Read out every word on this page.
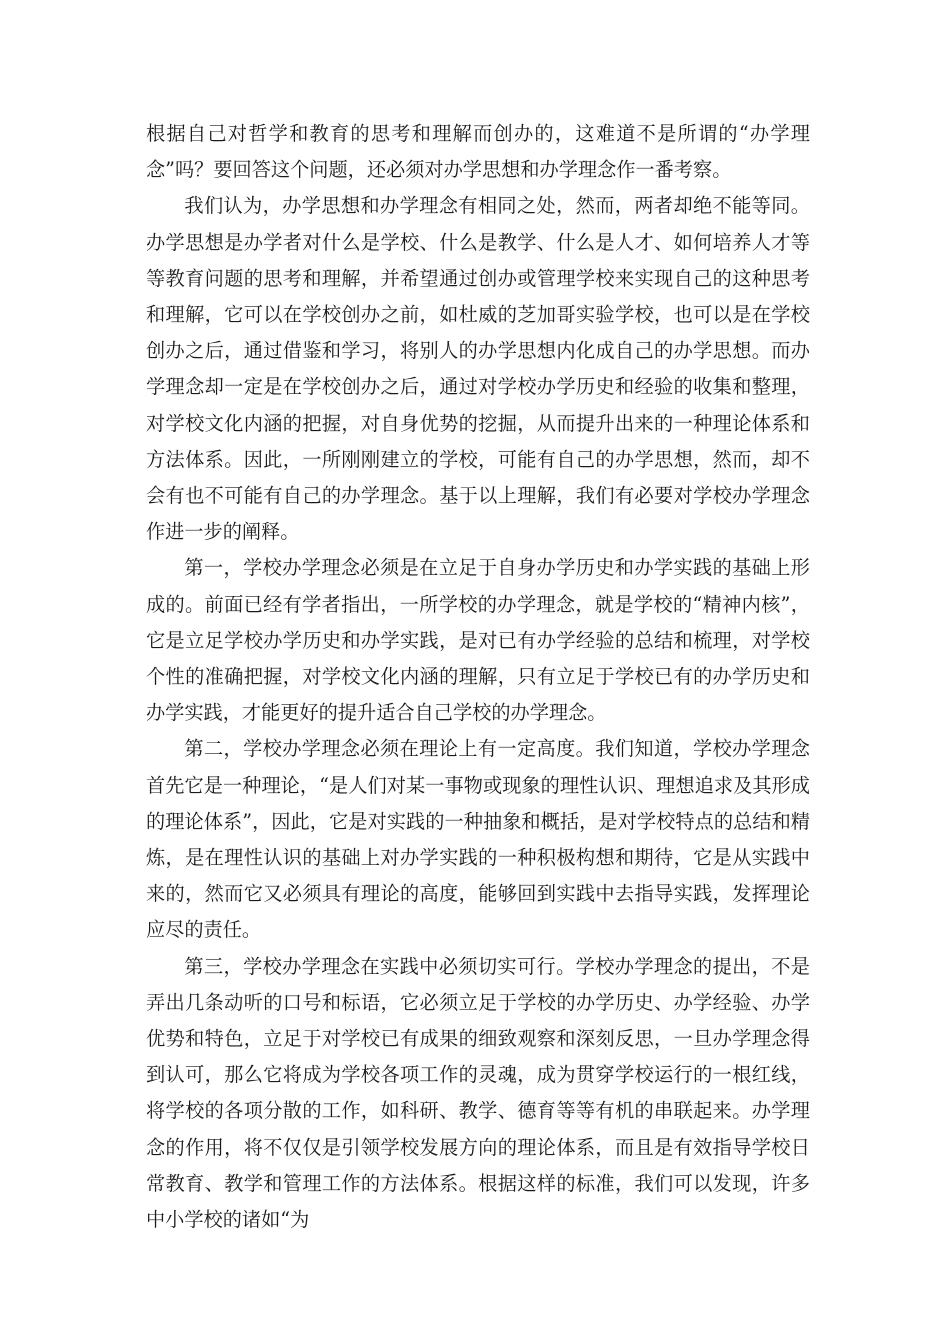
根据自己对哲学和教育的思考和理解而创办的，这难道不是所谓的“办学理念”吗？要回答这个问题，还必须对办学思想和办学理念作一番考察。

我们认为，办学思想和办学理念有相同之处，然而，两者却绝不能等同。办学思想是办学者对什么是学校、什么是教学、什么是人才、如何培养人才等等教育问题的思考和理解，并希望通过创办或管理学校来实现自己的这种思考和理解，它可以在学校创办之前，如杜威的芝加哥实验学校，也可以是在学校创办之后，通过借鉴和学习，将别人的办学思想内化成自己的办学思想。而办学理念却一定是在学校创办之后，通过对学校办学历史和经验的收集和整理，对学校文化内涵的把握，对自身优势的挖掘，从而提升出来的一种理论体系和方法体系。因此，一所刚刚建立的学校，可能有自己的办学思想，然而，却不会有也不可能有自己的办学理念。基于以上理解，我们有必要对学校办学理念作进一步的阐释。

第一，学校办学理念必须是在立足于自身办学历史和办学实践的基础上形成的。前面已经有学者指出，一所学校的办学理念，就是学校的“精神内核”，它是立足学校办学历史和办学实践，是对已有办学经验的总结和梳理，对学校个性的准确把握，对学校文化内涵的理解，只有立足于学校已有的办学历史和办学实践，才能更好的提升适合自己学校的办学理念。

第二，学校办学理念必须在理论上有一定高度。我们知道，学校办学理念首先它是一种理论，“是人们对某一事物或现象的理性认识、理想追求及其形成的理论体系”，因此，它是对实践的一种抽象和概括，是对学校特点的总结和精炼，是在理性认识的基础上对办学实践的一种积极构想和期待，它是从实践中来的，然而它又必须具有理论的高度，能够回到实践中去指导实践，发挥理论应尽的责任。

第三，学校办学理念在实践中必须切实可行。学校办学理念的提出，不是弄出几条动听的口号和标语，它必须立足于学校的办学历史、办学经验、办学优势和特色，立足于对学校已有成果的细致观察和深刻反思，一旦办学理念得到认可，那么它将成为学校各项工作的灵魂，成为贯穿学校运行的一根红线，将学校的各项分散的工作，如科研、教学、德育等等有机的串联起来。办学理念的作用，将不仅仅是引领学校发展方向的理论体系，而且是有效指导学校日常教育、教学和管理工作的方法体系。根据这样的标准，我们可以发现，许多中小学校的诸如“为
